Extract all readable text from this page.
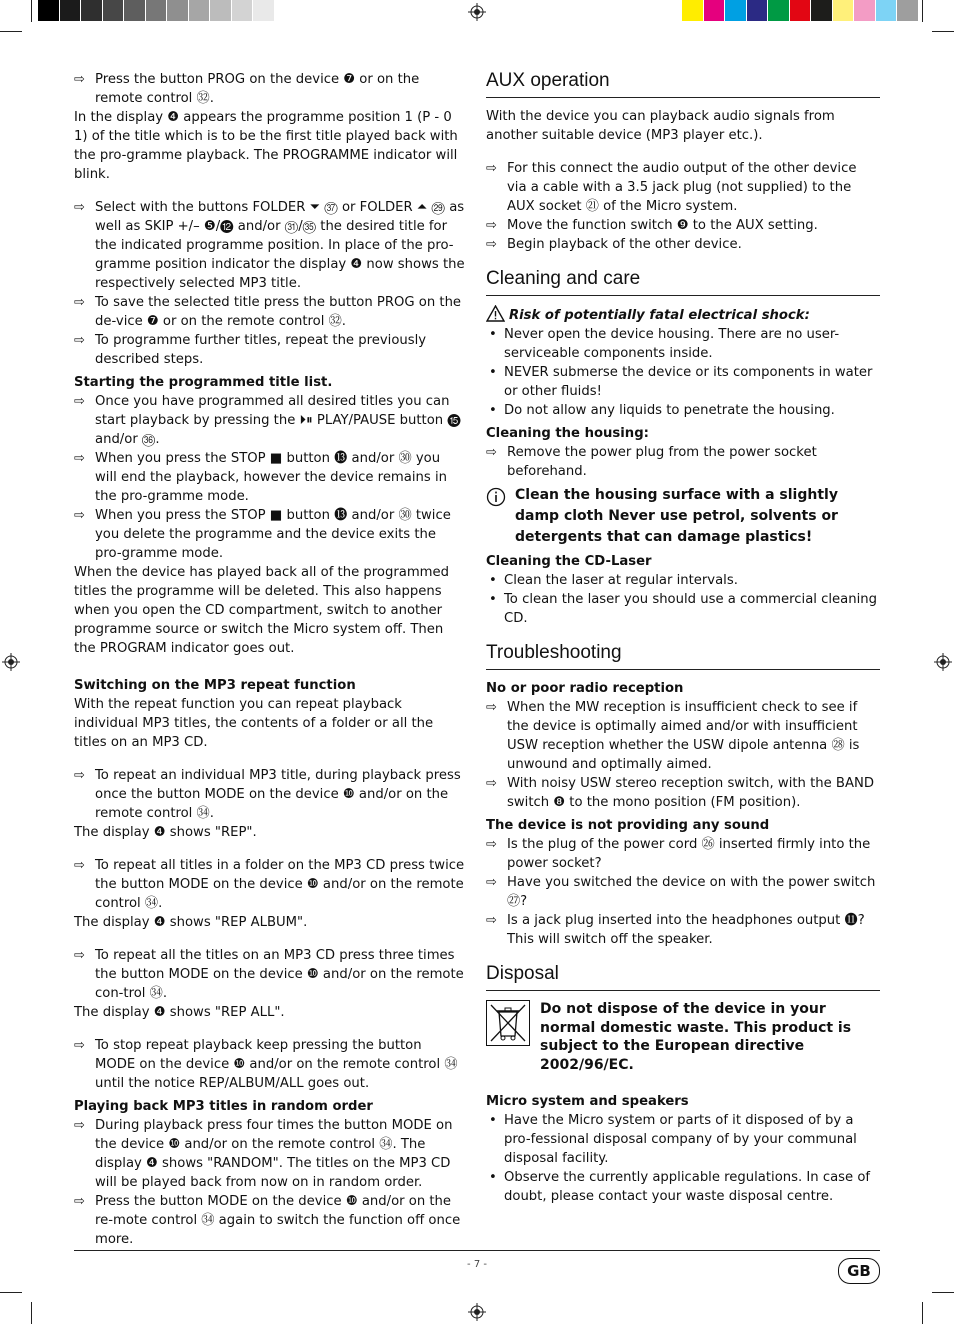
⇨ Press the button PROG on the device ❼ or on the remote control ㉜.

In the display ❹ appears the programme position 1 (P - 0 1) of the title which is to be the first title played back with the pro-gramme playback. The PROGRAMME indicator will blink.

⇨ Select with the buttons FOLDER ⏷ ㊲ or FOLDER ⏶ ㉙ as well as SKIP +/– ❺/⓬ and/or ㉛/㉟ the desired title for the indicated programme position. In place of the pro-gramme position indicator the display ❹ now shows the respectively selected MP3 title.

⇨ To save the selected title press the button PROG on the de-vice ❼ or on the remote control ㉜.

⇨ To programme further titles, repeat the previously described steps.

Starting the programmed title list.

⇨ Once you have programmed all desired titles you can start playback by pressing the ⏵⏸ PLAY/PAUSE button ⓯ and/or ㊱.

⇨ When you press the STOP ■ button ⓭ and/or ㉚ you will end the playback, however the device remains in the pro-gramme mode.

⇨ When you press the STOP ■ button ⓭ and/or ㉚ twice you delete the programme and the device exits the pro-gramme mode.

When the device has played back all of the programmed titles the programme will be deleted. This also happens when you open the CD compartment, switch to another programme source or switch the Micro system off. Then the PROGRAM indicator goes out.

Switching on the MP3 repeat function

With the repeat function you can repeat playback individual MP3 titles, the contents of a folder or all the titles on an MP3 CD.

⇨ To repeat an individual MP3 title, during playback press once the button MODE on the device ❿ and/or on the remote control ㉞.

The display ❹ shows "REP".

⇨ To repeat all titles in a folder on the MP3 CD press twice the button MODE on the device ❿ and/or on the remote control ㉞.

The display ❹ shows "REP ALBUM".

⇨ To repeat all the titles on an MP3 CD press three times the button MODE on the device ❿ and/or on the remote con-trol ㉞.

The display ❹ shows "REP ALL".

⇨ To stop repeat playback keep pressing the button MODE on the device ❿ and/or on the remote control ㉞ until the notice REP/ALBUM/ALL goes out.

Playing back MP3 titles in random order

⇨ During playback press four times the button MODE on the device ❿ and/or on the remote control ㉞. The display ❹ shows "RANDOM". The titles on the MP3 CD will be played back from now on in random order.

⇨ Press the button MODE on the device ❿ and/or on the re-mote control ㉞ again to switch the function off once more.

AUX operation

With the device you can playback audio signals from another suitable device (MP3 player etc.).

⇨ For this connect the audio output of the other device via a cable with a 3.5 jack plug (not supplied) to the AUX socket ㉑ of the Micro system.

⇨ Move the function switch ❾ to the AUX setting.

⇨ Begin playback of the other device.

Cleaning and care

Risk of potentially fatal electrical shock:

• Never open the device housing. There are no user-serviceable components inside.

• NEVER submerse the device or its components in water or other fluids!

• Do not allow any liquids to penetrate the housing.

Cleaning the housing:

⇨ Remove the power plug from the power socket beforehand.

Clean the housing surface with a slightly damp cloth Never use petrol, solvents or detergents that can damage plastics!

Cleaning the CD-Laser

• Clean the laser at regular intervals.

• To clean the laser you should use a commercial cleaning CD.

Troubleshooting

No or poor radio reception

⇨ When the MW reception is insufficient check to see if the device is optimally aimed and/or with insufficient USW reception whether the USW dipole antenna ㉘ is unwound and optimally aimed.

⇨ With noisy USW stereo reception switch, with the BAND switch ❽ to the mono position (FM position).

The device is not providing any sound

⇨ Is the plug of the power cord ㉖ inserted firmly into the power socket?

⇨ Have you switched the device on with the power switch ㉗?

⇨ Is a jack plug inserted into the headphones output ⓫? This will switch off the speaker.

Disposal
Do not dispose of the device in your normal domestic waste. This product is subject to the European directive 2002/96/EC.

Micro system and speakers

• Have the Micro system or parts of it disposed of by a pro-fessional disposal company of by your communal disposal facility.

• Observe the currently applicable regulations. In case of doubt, please contact your waste disposal centre.

- 7 -	GB
